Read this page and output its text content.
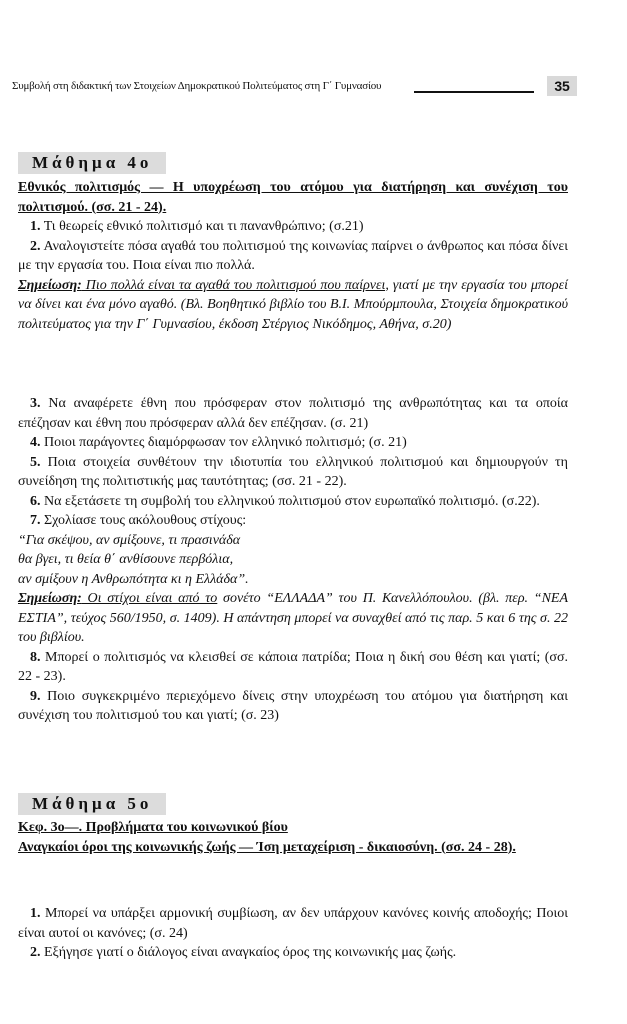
Συμβολή στη διδακτική των Στοιχείων Δημοκρατικού Πολιτεύματος στη Γ΄ Γυμνασίου	35
Μάθημα 4ο

Εθνικός πολιτισμός — Η υποχρέωση του ατόμου για διατήρηση και συνέχιση του πολιτισμού. (σσ. 21 - 24).

1. Τι θεωρείς εθνικό πολιτισμό και τι πανανθρώπινο; (σ.21)

2. Αναλογιστείτε πόσα αγαθά του πολιτισμού της κοινωνίας παίρνει ο άνθρωπος και πόσα δίνει με την εργασία του. Ποια είναι πιο πολλά.

Σημείωση: Πιο πολλά είναι τα αγαθά του πολιτισμού που παίρνει, γιατί με την εργασία του μπορεί να δίνει και ένα μόνο αγαθό. (Βλ. Βοηθητικό βιβλίο του Β.Ι. Μπούρμπουλα, Στοιχεία δημοκρατικού πολιτεύματος για την Γ΄ Γυμνασίου, έκδοση Στέργιος Νικόδημος, Αθήνα, σ.20)

3. Να αναφέρετε έθνη που πρόσφεραν στον πολιτισμό της ανθρωπότητας και τα οποία επέζησαν και έθνη που πρόσφεραν αλλά δεν επέζησαν. (σ. 21)

4. Ποιοι παράγοντες διαμόρφωσαν τον ελληνικό πολιτισμό; (σ. 21)

5. Ποια στοιχεία συνθέτουν την ιδιοτυπία του ελληνικού πολιτισμού και δημιουργούν τη συνείδηση της πολιτιστικής μας ταυτότητας; (σσ. 21 - 22).

6. Να εξετάσετε τη συμβολή του ελληνικού πολιτισμού στον ευρωπαϊκό πολιτισμό. (σ.22).

7. Σχολίασε τους ακόλουθους στίχους:

“Για σκέψου, αν σμίξουνε, τι πρασινάδα

θα βγει, τι θεία θ΄ ανθίσουνε περβόλια,

αν σμίξουν η Ανθρωπότητα κι η Ελλάδα”.

Σημείωση: Οι στίχοι είναι από το σονέτο “ΕΛΛΑΔΑ” του Π. Κανελλόπουλου. (βλ. περ. “ΝΕΑ ΕΣΤΙΑ”, τεύχος 560/1950, σ. 1409). Η απάντηση μπορεί να συναχθεί από τις παρ. 5 και 6 της σ. 22 του βιβλίου.

8. Μπορεί ο πολιτισμός να κλεισθεί σε κάποια πατρίδα; Ποια η δική σου θέση και γιατί; (σσ. 22 - 23).

9. Ποιο συγκεκριμένο περιεχόμενο δίνεις στην υποχρέωση του ατόμου για διατήρηση και συνέχιση του πολιτισμού του και γιατί; (σ. 23)

Μάθημα 5ο

Κεφ. 3ο—. Προβλήματα του κοινωνικού βίου

Αναγκαίοι όροι της κοινωνικής ζωής — Ίση μεταχείριση - δικαιοσύνη. (σσ. 24 - 28).

1. Μπορεί να υπάρξει αρμονική συμβίωση, αν δεν υπάρχουν κανόνες κοινής αποδοχής; Ποιοι είναι αυτοί οι κανόνες; (σ. 24)

2. Εξήγησε γιατί ο διάλογος είναι αναγκαίος όρος της κοινωνικής μας ζωής.
